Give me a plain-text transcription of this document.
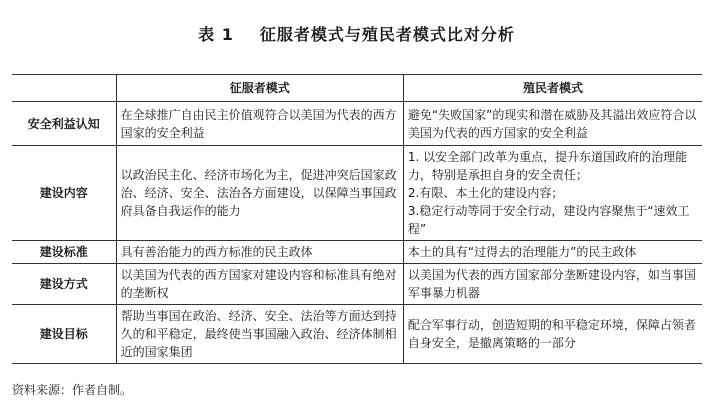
表 1 征服者模式与殖民者模式比对分析
	征服者模式	殖民者模式
安全利益认知	在全球推广自由民主价值观符合以美国为代表的西方国家的安全利益	避免“失败国家”的现实和潜在威胁及其溢出效应符合以美国为代表的西方国家的安全利益

建设内容	以政治民主化、经济市场化为主，促进冲突后国家政治、经济、安全、法治各方面建设，以保障当事国政府具备自我运作的能力	1. 以安全部门改革为重点，提升东道国政府的治理能力，特别是承担自身的安全责任；
2.有限、本土化的建设内容；
3.稳定行动等同于安全行动，建设内容聚焦于“速效工程”

建设标准	具有善治能力的西方标准的民主政体	本土的具有“过得去的治理能力”的民主政体

建设方式	以美国为代表的西方国家对建设内容和标准具有绝对的垄断权	以美国为代表的西方国家部分垄断建设内容，如当事国军事暴力机器

建设目标	帮助当事国在政治、经济、安全、法治等方面达到持久的和平稳定，最终使当事国融入政治、经济体制相近的国家集团	配合军事行动，创造短期的和平稳定环境，保障占领者自身安全，是撤离策略的一部分
资料来源：作者自制。
